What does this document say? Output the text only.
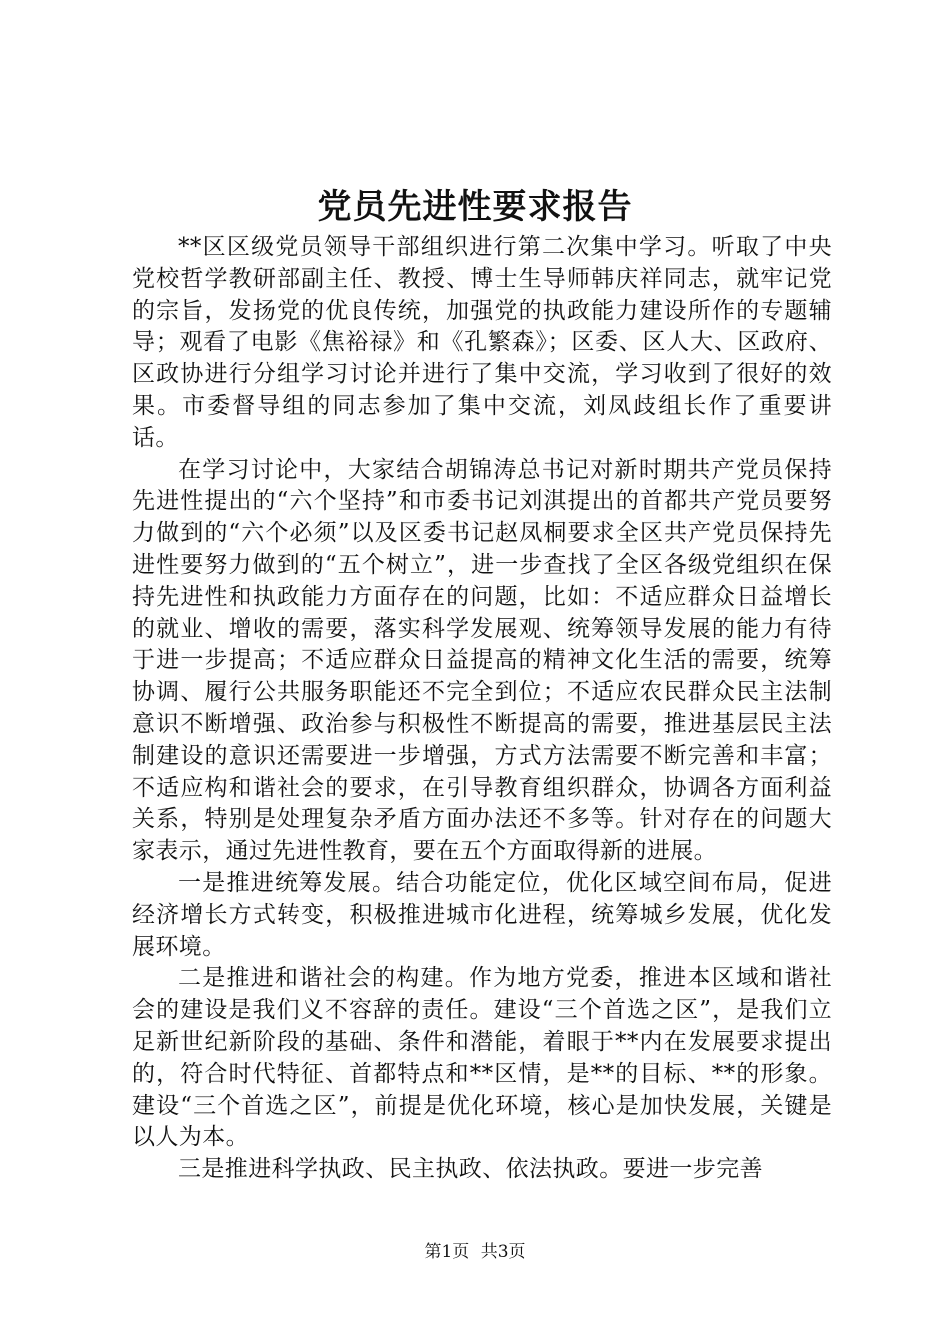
党员先进性要求报告

**区区级党员领导干部组织进行第二次集中学习。听取了中央党校哲学教研部副主任、教授、博士生导师韩庆祥同志，就牢记党的宗旨，发扬党的优良传统，加强党的执政能力建设所作的专题辅导；观看了电影《焦裕禄》和《孔繁森》；区委、区人大、区政府、区政协进行分组学习讨论并进行了集中交流，学习收到了很好的效果。市委督导组的同志参加了集中交流，刘凤歧组长作了重要讲话。

在学习讨论中，大家结合胡锦涛总书记对新时期共产党员保持先进性提出的“六个坚持”和市委书记刘淇提出的首都共产党员要努力做到的“六个必须”以及区委书记赵凤桐要求全区共产党员保持先进性要努力做到的“五个树立”，进一步查找了全区各级党组织在保持先进性和执政能力方面存在的问题，比如：不适应群众日益增长的就业、增收的需要，落实科学发展观、统筹领导发展的能力有待于进一步提高；不适应群众日益提高的精神文化生活的需要，统筹协调、履行公共服务职能还不完全到位；不适应农民群众民主法制意识不断增强、政治参与积极性不断提高的需要，推进基层民主法制建设的意识还需要进一步增强，方式方法需要不断完善和丰富；不适应构和谐社会的要求，在引导教育组织群众，协调各方面利益关系，特别是处理复杂矛盾方面办法还不多等。针对存在的问题大家表示，通过先进性教育，要在五个方面取得新的进展。

一是推进统筹发展。结合功能定位，优化区域空间布局，促进经济增长方式转变，积极推进城市化进程，统筹城乡发展，优化发展环境。

二是推进和谐社会的构建。作为地方党委，推进本区域和谐社会的建设是我们义不容辞的责任。建设“三个首选之区”，是我们立足新世纪新阶段的基础、条件和潜能，着眼于**内在发展要求提出的，符合时代特征、首都特点和**区情，是**的目标、**的形象。建设“三个首选之区”，前提是优化环境，核心是加快发展，关键是以人为本。

三是推进科学执政、民主执政、依法执政。要进一步完善

第1页 共3页
